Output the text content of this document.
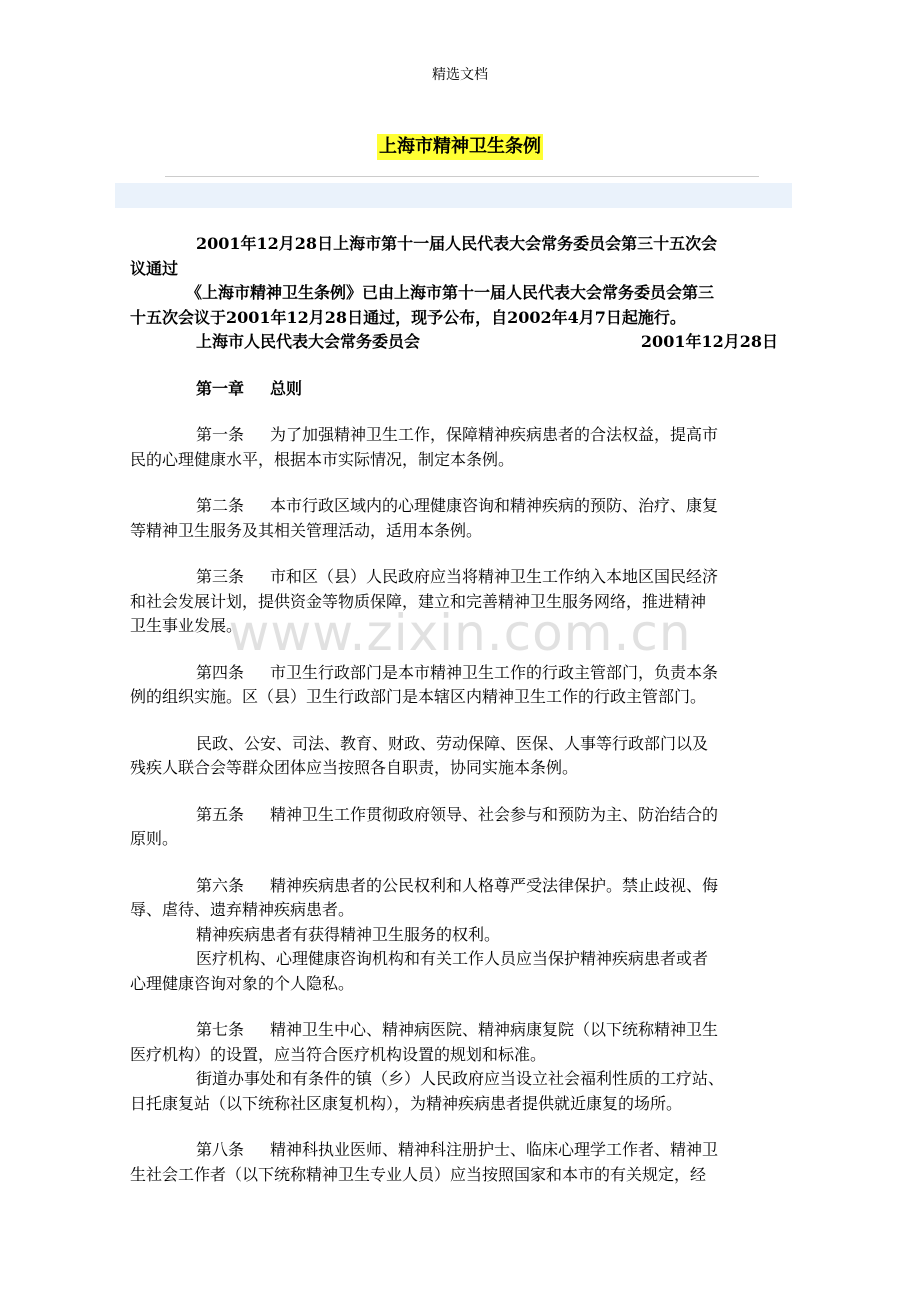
精选文档
上海市精神卫生条例

2001年12月28日上海市第十一届人民代表大会常务委员会第三十五次会

议通过

《上海市精神卫生条例》已由上海市第十一届人民代表大会常务委员会第三

十五次会议于2001年12月28日通过，现予公布，自2002年4月7日起施行。

上海市人民代表大会常务委员会	2001年12月28日

第一章 总则

第一条 为了加强精神卫生工作，保障精神疾病患者的合法权益，提高市

民的心理健康水平，根据本市实际情况，制定本条例。

第二条 本市行政区域内的心理健康咨询和精神疾病的预防、治疗、康复

等精神卫生服务及其相关管理活动，适用本条例。

第三条 市和区（县）人民政府应当将精神卫生工作纳入本地区国民经济

和社会发展计划，提供资金等物质保障，建立和完善精神卫生服务网络，推进精神

卫生事业发展。

第四条 市卫生行政部门是本市精神卫生工作的行政主管部门，负责本条

例的组织实施。区（县）卫生行政部门是本辖区内精神卫生工作的行政主管部门。

民政、公安、司法、教育、财政、劳动保障、医保、人事等行政部门以及

残疾人联合会等群众团体应当按照各自职责，协同实施本条例。

第五条 精神卫生工作贯彻政府领导、社会参与和预防为主、防治结合的

原则。

第六条 精神疾病患者的公民权利和人格尊严受法律保护。禁止歧视、侮

辱、虐待、遗弃精神疾病患者。

精神疾病患者有获得精神卫生服务的权利。

医疗机构、心理健康咨询机构和有关工作人员应当保护精神疾病患者或者

心理健康咨询对象的个人隐私。

第七条 精神卫生中心、精神病医院、精神病康复院（以下统称精神卫生

医疗机构）的设置，应当符合医疗机构设置的规划和标准。

街道办事处和有条件的镇（乡）人民政府应当设立社会福利性质的工疗站、

日托康复站（以下统称社区康复机构），为精神疾病患者提供就近康复的场所。

第八条 精神科执业医师、精神科注册护士、临床心理学工作者、精神卫

生社会工作者（以下统称精神卫生专业人员）应当按照国家和本市的有关规定，经

www.zixin.com.cn
